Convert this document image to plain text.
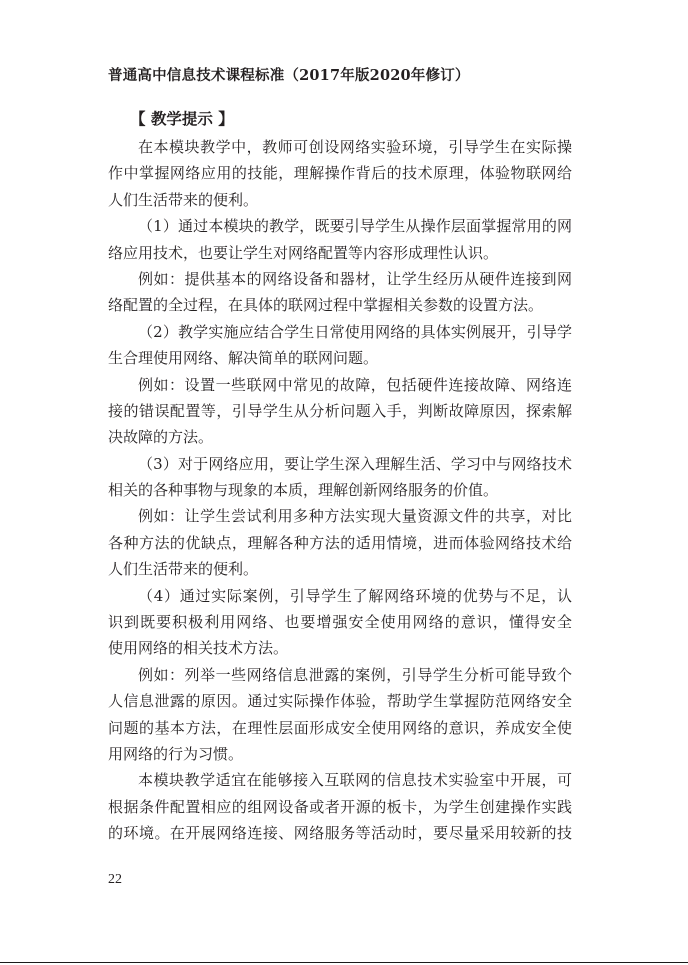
普通高中信息技术课程标准（2017年版2020年修订）
【 教学提示 】
在本模块教学中，教师可创设网络实验环境，引导学生在实际操
作中掌握网络应用的技能，理解操作背后的技术原理，体验物联网给
人们生活带来的便利。
（1）通过本模块的教学，既要引导学生从操作层面掌握常用的网
络应用技术，也要让学生对网络配置等内容形成理性认识。
例如：提供基本的网络设备和器材，让学生经历从硬件连接到网
络配置的全过程，在具体的联网过程中掌握相关参数的设置方法。
（2）教学实施应结合学生日常使用网络的具体实例展开，引导学
生合理使用网络、解决简单的联网问题。
例如：设置一些联网中常见的故障，包括硬件连接故障、网络连
接的错误配置等，引导学生从分析问题入手，判断故障原因，探索解
决故障的方法。
（3）对于网络应用，要让学生深入理解生活、学习中与网络技术
相关的各种事物与现象的本质，理解创新网络服务的价值。
例如：让学生尝试利用多种方法实现大量资源文件的共享，对比
各种方法的优缺点，理解各种方法的适用情境，进而体验网络技术给
人们生活带来的便利。
（4）通过实际案例，引导学生了解网络环境的优势与不足，认
识到既要积极利用网络、也要增强安全使用网络的意识，懂得安全
使用网络的相关技术方法。
例如：列举一些网络信息泄露的案例，引导学生分析可能导致个
人信息泄露的原因。通过实际操作体验，帮助学生掌握防范网络安全
问题的基本方法，在理性层面形成安全使用网络的意识，养成安全使
用网络的行为习惯。
本模块教学适宜在能够接入互联网的信息技术实验室中开展，可
根据条件配置相应的组网设备或者开源的板卡，为学生创建操作实践
的环境。在开展网络连接、网络服务等活动时，要尽量采用较新的技
22
